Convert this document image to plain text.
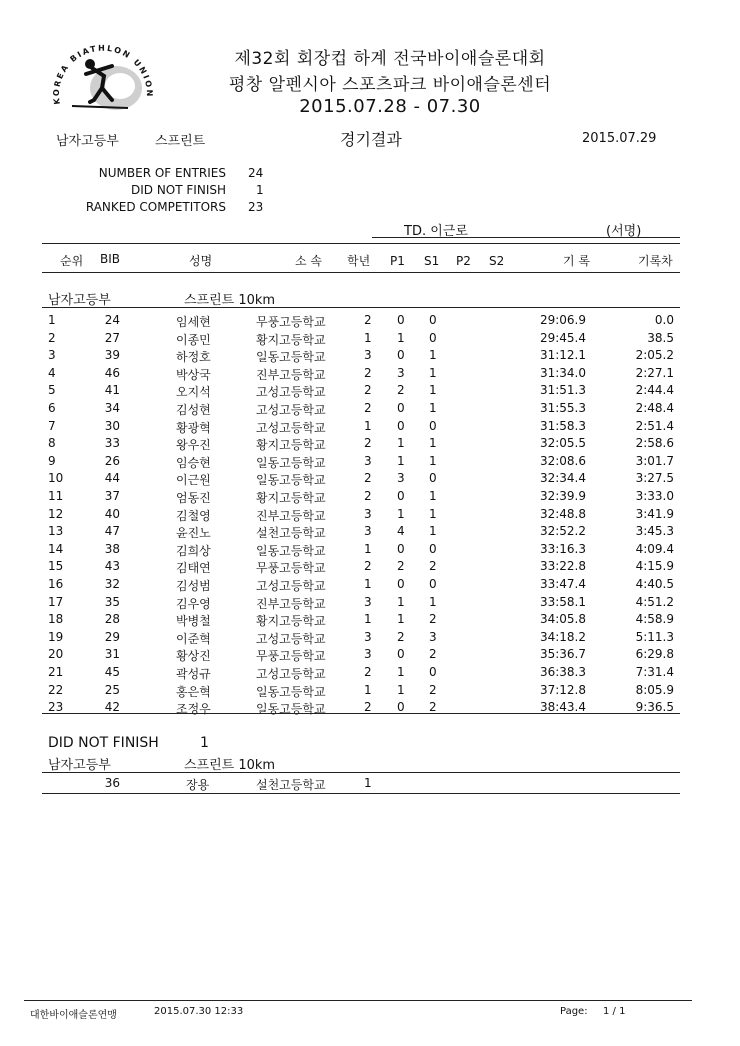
KOREA BIATHLON UNION
제32회 회장컵 하계 전국바이애슬론대회
평창 알펜시아 스포츠파크 바이애슬론센터
2015.07.28 - 07.30
남자고등부	스프린트	경기결과	2015.07.29
NUMBER OF ENTRIES 24
DID NOT FINISH	1
RANKED COMPETITORS 23
TD. 이근로	(서명)
순위 BIB	성명	소 속 학년 P1 S1 P2 S2	기 록	기록차
남자고등부	스프린트 10km
1	24	임세현	무풍고등학교	2 0 0	29:06.9	0.0
2	27	이종민	황지고등학교	1 1 0	29:45.4	38.5
3	39	하정호	일동고등학교	3 0 1	31:12.1	2:05.2
4	46	박상국	진부고등학교	2 3 1	31:34.0	2:27.1
5	41	오지석	고성고등학교	2 2 1	31:51.3	2:44.4
6	34	김성현	고성고등학교	2 0 1	31:55.3	2:48.4
7	30	황광혁	고성고등학교	1 0 0	31:58.3	2:51.4
8	33	왕우진	황지고등학교	2 1 1	32:05.5	2:58.6
9	26	임승현	일동고등학교	3 1 1	32:08.6	3:01.7
10	44	이근원	일동고등학교	2 3 0	32:34.4	3:27.5
11	37	엄동진	황지고등학교	2 0 1	32:39.9	3:33.0
12	40	김철영	진부고등학교	3 1 1	32:48.8	3:41.9
13	47	윤진노	설천고등학교	3 4 1	32:52.2	3:45.3
14	38	김희상	일동고등학교	1 0 0	33:16.3	4:09.4
15	43	김태연	무풍고등학교	2 2 2	33:22.8	4:15.9
16	32	김성범	고성고등학교	1 0 0	33:47.4	4:40.5
17	35	김우영	진부고등학교	3 1 1	33:58.1	4:51.2
18	28	박병철	황지고등학교	1 1 2	34:05.8	4:58.9
19	29	이준혁	고성고등학교	3 2 3	34:18.2	5:11.3
20	31	황상진	무풍고등학교	3 0 2	35:36.7	6:29.8
21	45	곽성규	고성고등학교	2 1 0	36:38.3	7:31.4
22	25	홍은혁	일동고등학교	1 1 2	37:12.8	8:05.9
23	42	조정우	일동고등학교	2 0 2	38:43.4	9:36.5
DID NOT FINISH	1
남자고등부	스프린트 10km
36	장용	설천고등학교	1
대한바이애슬론연맹	2015.07.30 12:33	Page: 1 / 1
